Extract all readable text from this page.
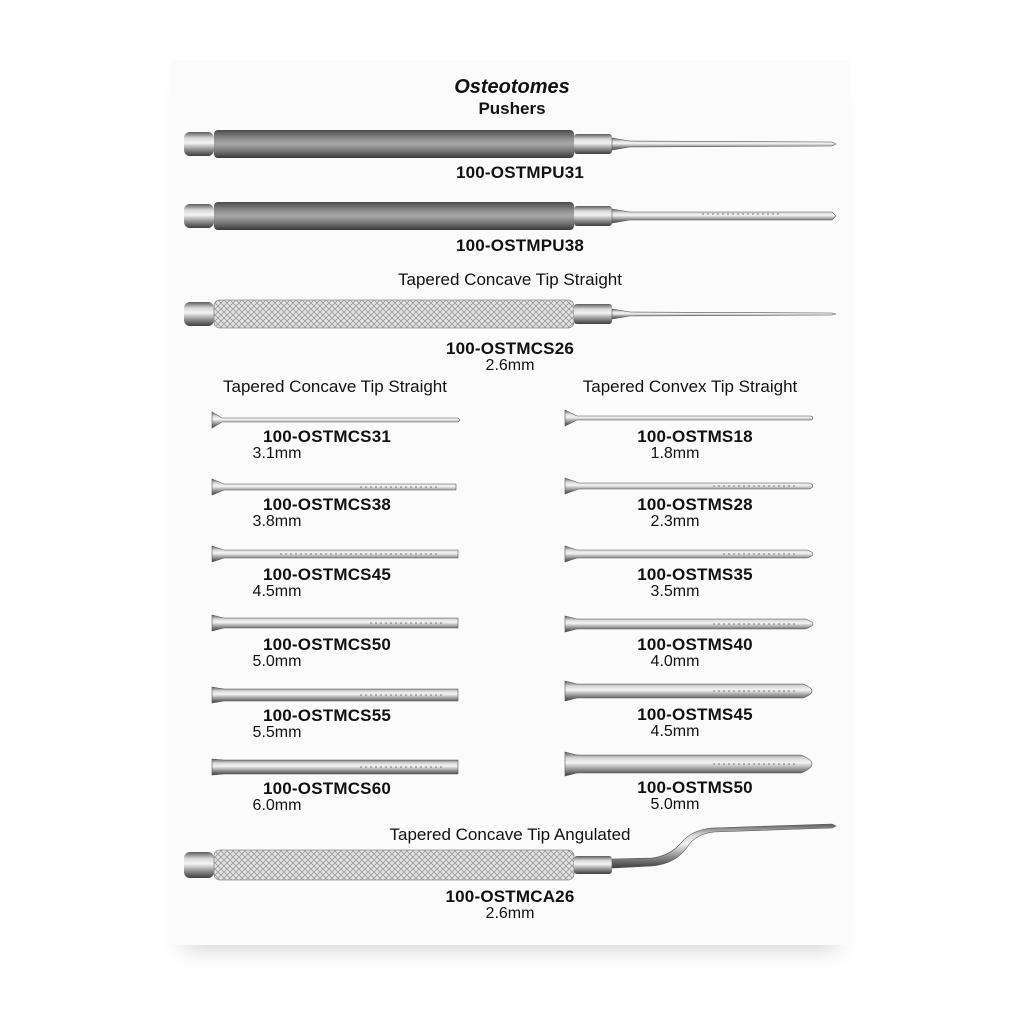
Osteotomes
Pushers
100-OSTMPU31
100-OSTMPU38
Tapered Concave Tip Straight
100-OSTMCS26
2.6mm
Tapered Concave Tip Straight	Tapered Convex Tip Straight
100-OSTMCS31
3.1mm
100-OSTMCS38
3.8mm
100-OSTMCS45
4.5mm
100-OSTMCS50
5.0mm
100-OSTMCS55
5.5mm
100-OSTMCS60
6.0mm
100-OSTMS18
1.8mm
100-OSTMS28
2.3mm
100-OSTMS35
3.5mm
100-OSTMS40
4.0mm
100-OSTMS45
4.5mm
100-OSTMS50
5.0mm
Tapered Concave Tip Angulated
100-OSTMCA26
2.6mm
